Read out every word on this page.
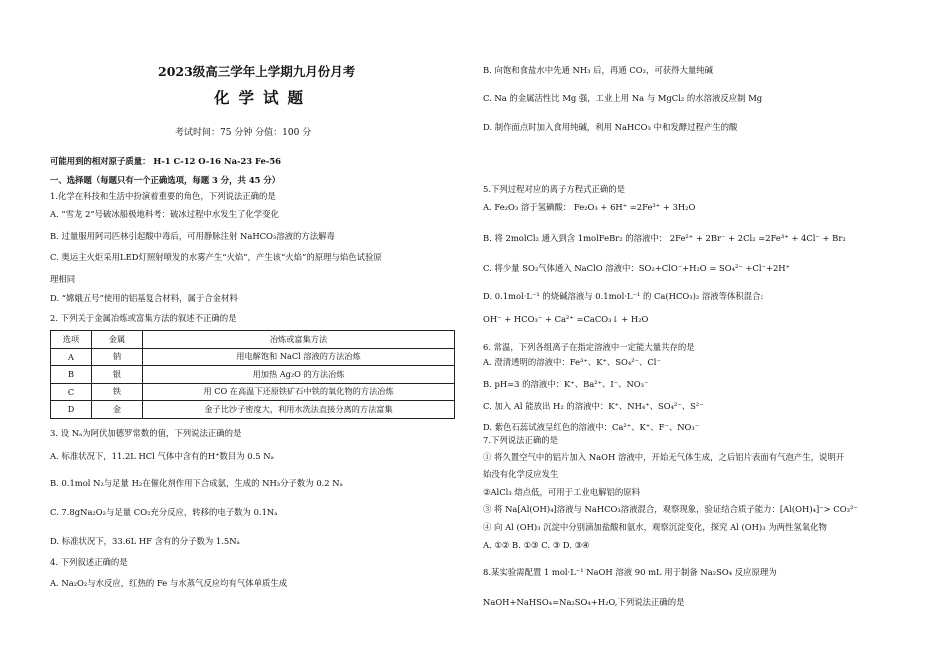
2023级高三学年上学期九月份月考
化学试题
考试时间：75 分钟 分值：100 分
可能用到的相对原子质量： H-1 C-12 O-16 Na-23 Fe-56
一、选择题（每题只有一个正确选项，每题 3 分，共 45 分）
1.化学在科技和生活中扮演着重要的角色，下列说法正确的是
A. “雪龙 2”号破冰船极地科考：破冰过程中水发生了化学变化
B. 过量服用阿司匹林引起酸中毒后，可用静脉注射 NaHCO₃溶液的方法解毒
C. 奥运主火炬采用LED灯照射喷发的水雾产生“火焰”，产生该“火焰”的原理与焰色试验原
理相同
D. “嫦娥五号”使用的铝基复合材料，属于合金材料
2. 下列关于金属冶炼或富集方法的叙述不正确的是
选项	金属	冶炼或富集方法
A	钠	用电解饱和 NaCl 溶液的方法冶炼
B	银	用加热 Ag₂O 的方法冶炼
C	铁	用 CO 在高温下还原铁矿石中铁的氧化物的方法冶炼
D	金	金子比沙子密度大，利用水洗法直接分离的方法富集
3. 设 Nₐ为阿伏加德罗常数的值，下列说法正确的是
A. 标准状况下，11.2L HCl 气体中含有的H⁺数目为 0.5 Nₐ
B. 0.1mol N₂与足量 H₂在催化剂作用下合成氨，生成的 NH₃分子数为 0.2 Nₐ
C. 7.8gNa₂O₂与足量 CO₂充分反应，转移的电子数为 0.1Nₐ
D. 标准状况下，33.6L HF 含有的分子数为 1.5Nₐ
4. 下列叙述正确的是
A. Na₂O₂与水反应，红热的 Fe 与水蒸气反应均有气体单质生成
B. 向饱和食盐水中先通 NH₃ 后，再通 CO₂，可获得大量纯碱
C. Na 的金属活性比 Mg 强，工业上用 Na 与 MgCl₂ 的水溶液反应制 Mg
D. 制作面点时加入食用纯碱，利用 NaHCO₃ 中和发酵过程产生的酸
5.下列过程对应的离子方程式正确的是
A. Fe₂O₃ 溶于氢碘酸： Fe₂O₃ + 6H⁺ =2Fe³⁺ + 3H₂O
B. 将 2molCl₂ 通入到含 1molFeBr₂ 的溶液中： 2Fe²⁺ + 2Br⁻ + 2Cl₂ =2Fe³⁺ + 4Cl⁻ + Br₂
C. 将少量 SO₂气体通入 NaClO 溶液中：SO₂+ClO⁻+H₂O = SO₄²⁻ +Cl⁻+2H⁺
D. 0.1mol·L⁻¹ 的烧碱溶液与 0.1mol·L⁻¹ 的 Ca(HCO₃)₂ 溶液等体积混合:
OH⁻ + HCO₃⁻ + Ca²⁺ =CaCO₃↓ + H₂O
6. 常温，下列各组离子在指定溶液中一定能大量共存的是
A. 澄清透明的溶液中：Fe³⁺、K⁺、SO₄²⁻、Cl⁻
B. pH=3 的溶液中：K⁺、Ba²⁺、I⁻、NO₃⁻
C. 加入 Al 能放出 H₂ 的溶液中：K⁺、NH₄⁺、SO₄²⁻、S²⁻
D. 紫色石蕊试液呈红色的溶液中：Ca²⁺、K⁺、F⁻、NO₃⁻
7.下列说法正确的是
① 将久置空气中的铝片加入 NaOH 溶液中，开始无气体生成，之后铝片表面有气泡产生，说明开
始没有化学反应发生
②AlCl₃ 熔点低，可用于工业电解铝的原料
③ 将 Na[Al(OH)₄]溶液与 NaHCO₃溶液混合，观察现象，验证结合质子能力：[Al(OH)₄]⁻> CO₃²⁻
④ 向 Al (OH)₃ 沉淀中分别滴加盐酸和氨水，观察沉淀变化，探究 Al (OH)₃ 为两性氢氧化物
A. ①② B. ①③ C. ③ D. ③④
8.某实验需配置 1 mol·L⁻¹ NaOH 溶液 90 mL 用于制备 Na₂SO₄ 反应原理为
NaOH+NaHSO₄=Na₂SO₄+H₂O,下列说法正确的是
